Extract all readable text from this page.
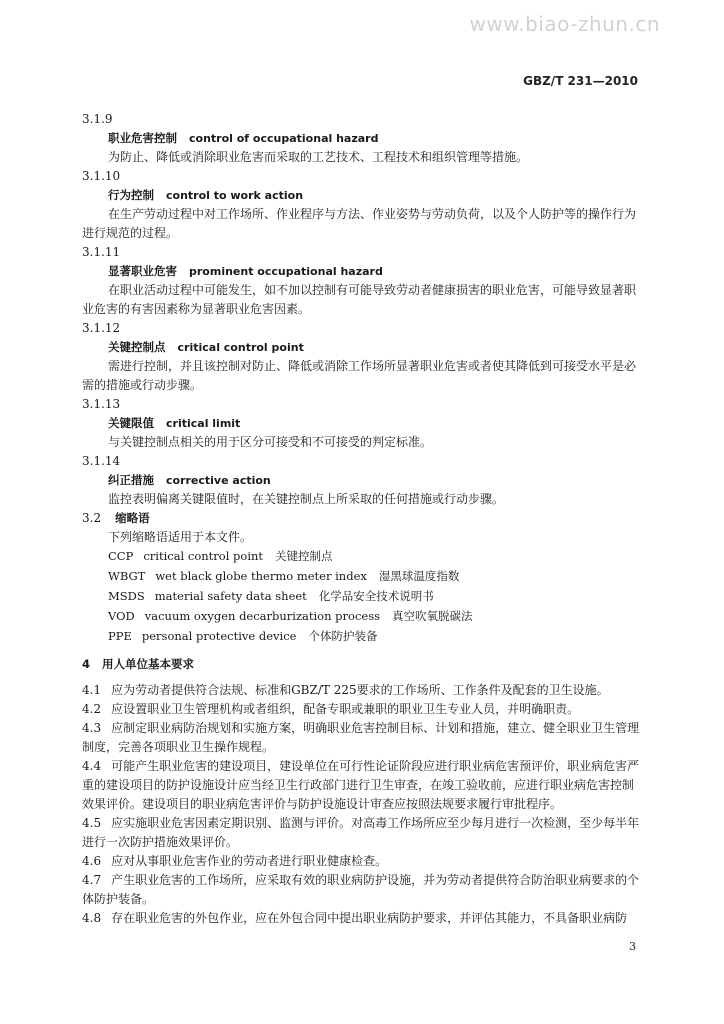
www.biao-zhun.cn
GBZ/T 231—2010
3.1.9
职业危害控制 control of occupational hazard
为防止、降低或消除职业危害而采取的工艺技术、工程技术和组织管理等措施。
3.1.10
行为控制 control to work action
在生产劳动过程中对工作场所、作业程序与方法、作业姿势与劳动负荷，以及个人防护等的操作行为进行规范的过程。
3.1.11
显著职业危害 prominent occupational hazard
在职业活动过程中可能发生，如不加以控制有可能导致劳动者健康损害的职业危害，可能导致显著职业危害的有害因素称为显著职业危害因素。
3.1.12
关键控制点 critical control point
需进行控制，并且该控制对防止、降低或消除工作场所显著职业危害或者使其降低到可接受水平是必需的措施或行动步骤。
3.1.13
关键限值 critical limit
与关键控制点相关的用于区分可接受和不可接受的判定标准。
3.1.14
纠正措施 corrective action
监控表明偏离关键限值时，在关键控制点上所采取的任何措施或行动步骤。
3.2 缩略语
下列缩略语适用于本文件。
CCP critical control point 关键控制点
WBGT wet black globe thermo meter index 湿黑球温度指数
MSDS material safety data sheet 化学品安全技术说明书
VOD vacuum oxygen decarburization process 真空吹氧脱碳法
PPE personal protective device 个体防护装备
4 用人单位基本要求
4.1 应为劳动者提供符合法规、标准和GBZ/T 225要求的工作场所、工作条件及配套的卫生设施。
4.2 应设置职业卫生管理机构或者组织，配备专职或兼职的职业卫生专业人员，并明确职责。
4.3 应制定职业病防治规划和实施方案，明确职业危害控制目标、计划和措施，建立、健全职业卫生管理制度，完善各项职业卫生操作规程。
4.4 可能产生职业危害的建设项目，建设单位在可行性论证阶段应进行职业病危害预评价，职业病危害严重的建设项目的防护设施设计应当经卫生行政部门进行卫生审查，在竣工验收前，应进行职业病危害控制效果评价。建设项目的职业病危害评价与防护设施设计审查应按照法规要求履行审批程序。
4.5 应实施职业危害因素定期识别、监测与评价。对高毒工作场所应至少每月进行一次检测，至少每半年进行一次防护措施效果评价。
4.6 应对从事职业危害作业的劳动者进行职业健康检查。
4.7 产生职业危害的工作场所，应采取有效的职业病防护设施，并为劳动者提供符合防治职业病要求的个体防护装备。
4.8 存在职业危害的外包作业，应在外包合同中提出职业病防护要求，并评估其能力，不具备职业病防
3
